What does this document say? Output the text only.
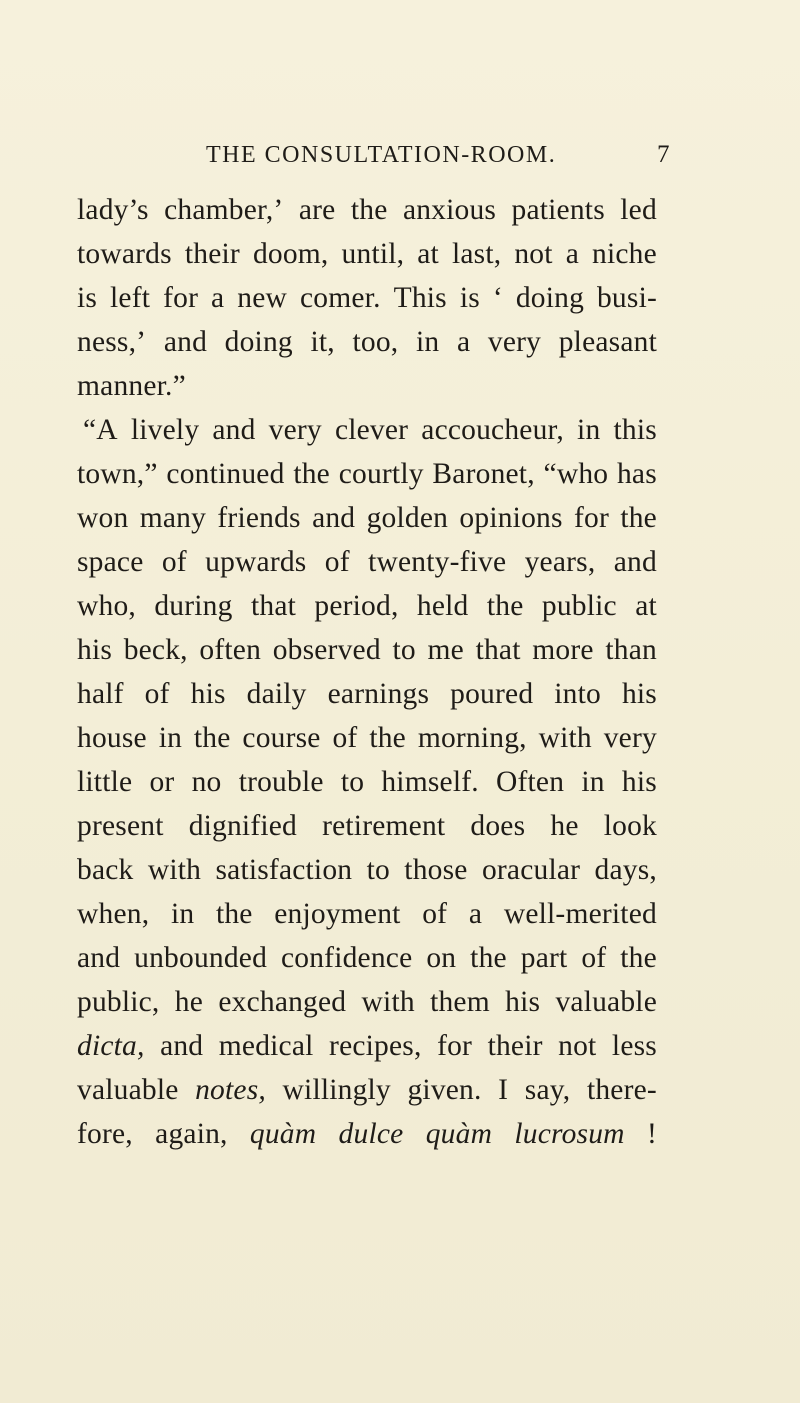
THE CONSULTATION-ROOM.	7
lady’s chamber,’ are the anxious patients led
towards their doom, until, at last, not a niche
is left for a new comer. This is ‘ doing busi-
ness,’ and doing it, too, in a very pleasant
manner.”
“A lively and very clever accoucheur, in this
town,” continued the courtly Baronet, “who has
won many friends and golden opinions for the
space of upwards of twenty-five years, and
who, during that period, held the public at
his beck, often observed to me that more than
half of his daily earnings poured into his
house in the course of the morning, with very
little or no trouble to himself. Often in his
present dignified retirement does he look
back with satisfaction to those oracular days,
when, in the enjoyment of a well-merited
and unbounded confidence on the part of the
public, he exchanged with them his valuable
dicta, and medical recipes, for their not less
valuable notes, willingly given. I say, there-
fore, again, quàm dulce quàm lucrosum !
